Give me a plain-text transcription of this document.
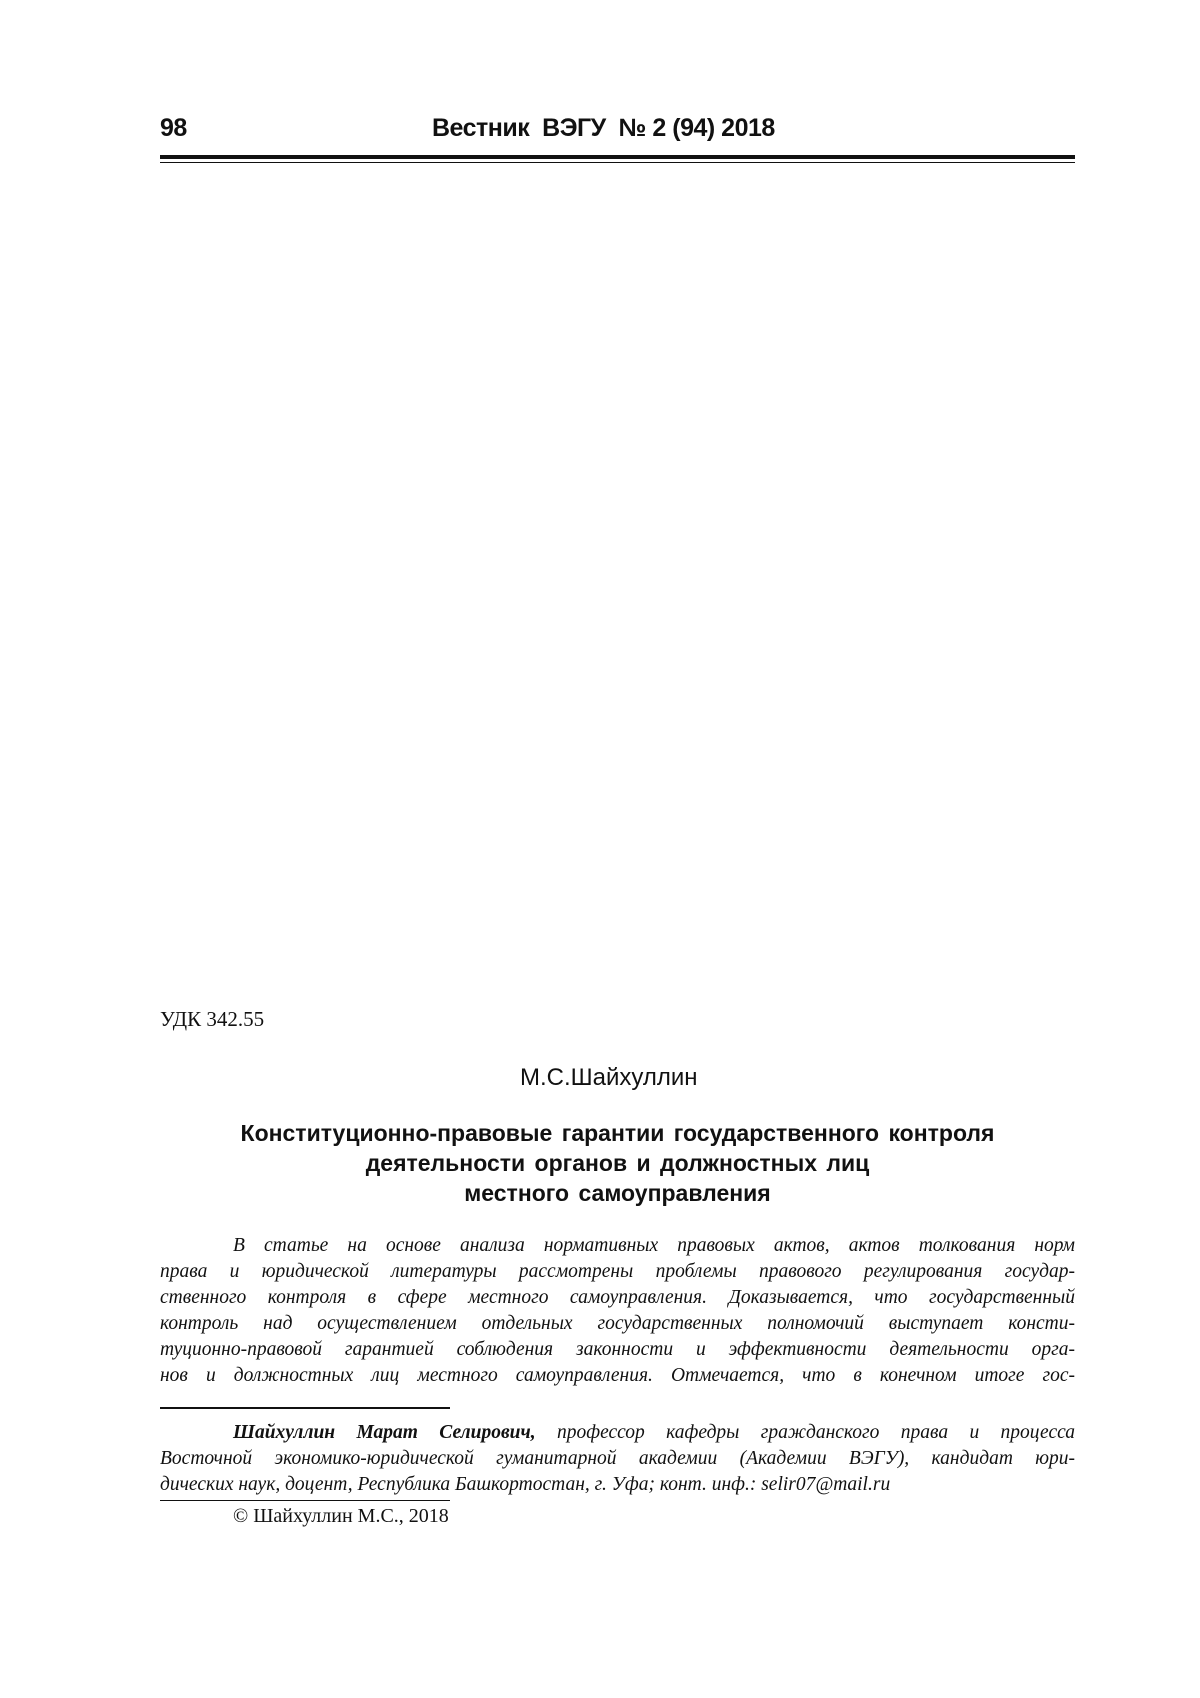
98	Вестник  ВЭГУ  № 2 (94) 2018
УДК 342.55
М.С.Шайхуллин
Конституционно-правовые гарантии государственного контроля
деятельности органов и должностных лиц
местного самоуправления
В статье на основе анализа нормативных правовых актов, актов толкования норм
права и юридической литературы рассмотрены проблемы правового регулирования государ-
ственного контроля в сфере местного самоуправления. Доказывается, что государственный
контроль над осуществлением отдельных государственных полномочий выступает консти-
туционно-правовой гарантией соблюдения законности и эффективности деятельности орга-
нов и должностных лиц местного самоуправления. Отмечается, что в конечном итоге гос-
Шайхуллин Марат Селирович, профессор кафедры гражданского права и процесса
Восточной экономико-юридической гуманитарной академии (Академии ВЭГУ), кандидат юри-
дических наук, доцент, Республика Башкортостан, г. Уфа; конт. инф.: selir07@mail.ru
© Шайхуллин М.С., 2018
